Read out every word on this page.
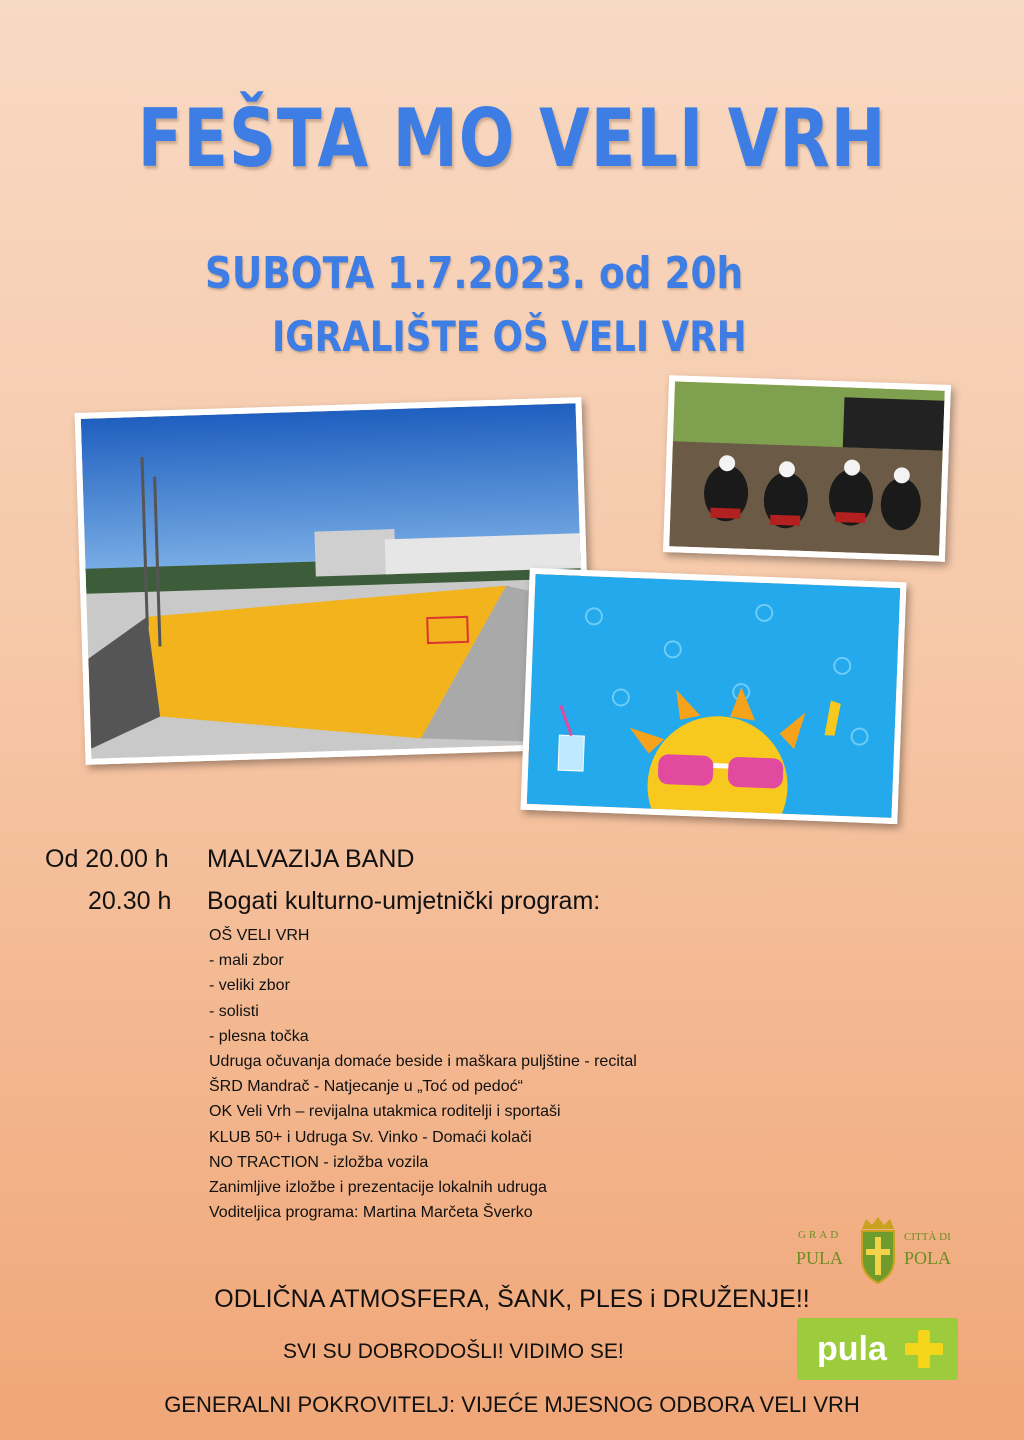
FEŠTA MO VELI VRH
SUBOTA 1.7.2023. od 20h
IGRALIŠTE OŠ VELI VRH
Od 20.00 h MALVAZIJA BAND
20.30 h Bogati kulturno-umjetnički program:
OŠ VELI VRH
- mali zbor
- veliki zbor
- solisti
- plesna točka
Udruga očuvanja domaće beside i maškara puljštine - recital
ŠRD Mandrač - Natjecanje u „Toć od pedoć“
OK Veli Vrh – revijalna utakmica roditelji i sportaši
KLUB 50+ i Udruga Sv. Vinko - Domaći kolači
NO TRACTION - izložba vozila
Zanimljive izložbe i prezentacije lokalnih udruga
Voditeljica programa: Martina Marčeta Šverko
GRAD
PULA
CITTÀ DI
POLA
ODLIČNA ATMOSFERA, ŠANK, PLES i DRUŽENJE!!
SVI SU DOBRODOŠLI! VIDIMO SE!	pula
GENERALNI POKROVITELJ: VIJEĆE MJESNOG ODBORA VELI VRH
